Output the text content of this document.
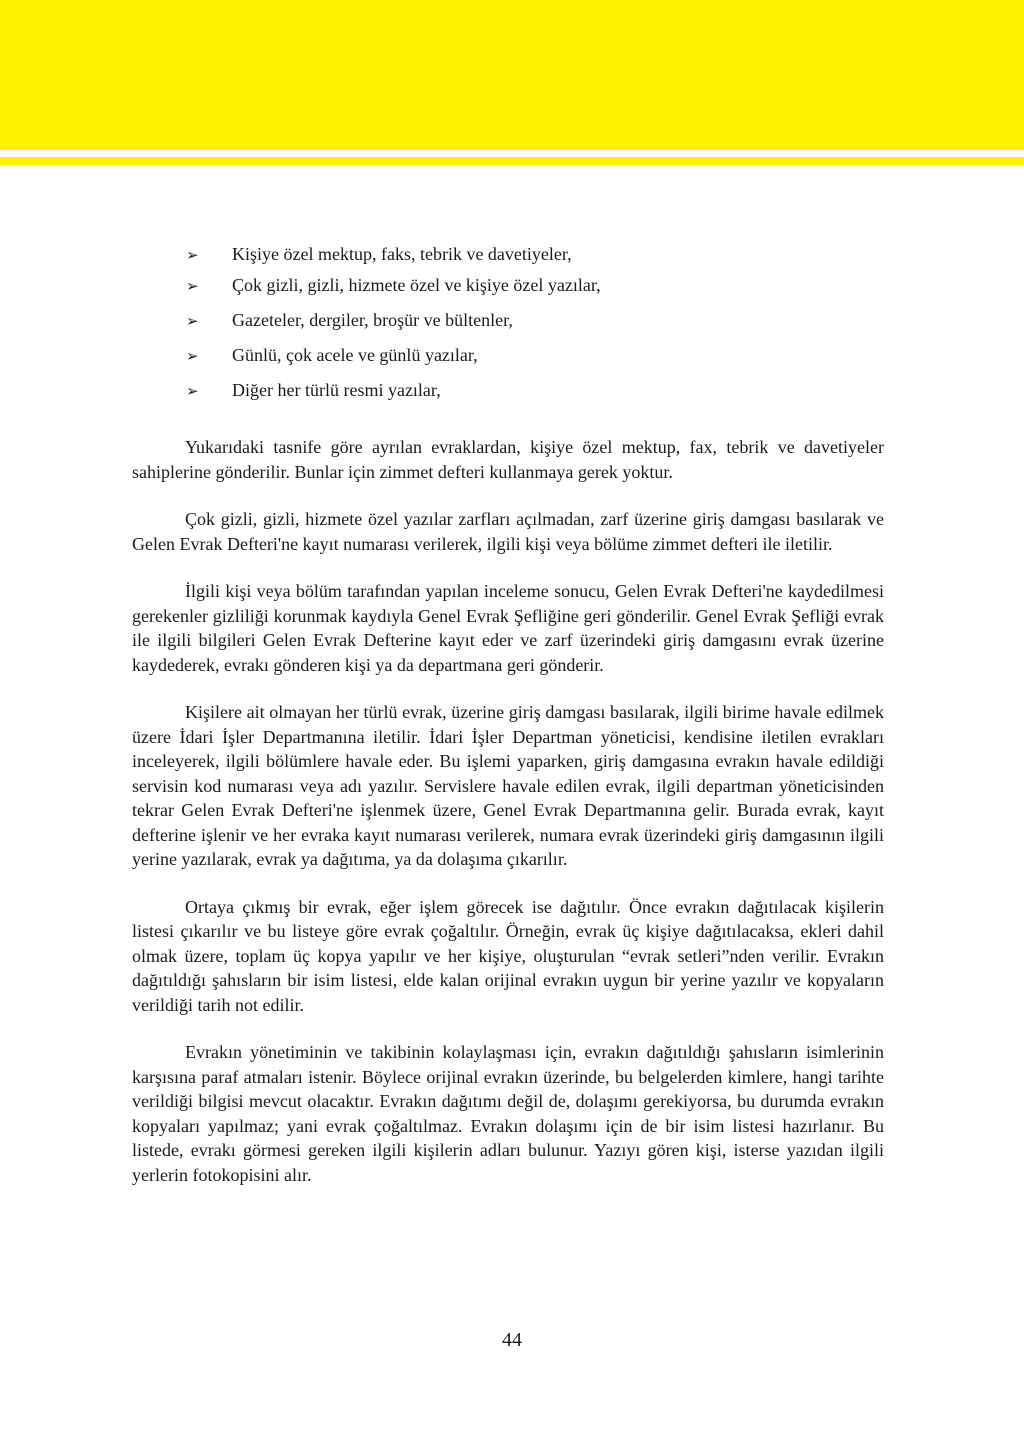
➢ Kişiye özel mektup, faks, tebrik ve davetiyeler,
➢ Çok gizli, gizli, hizmete özel ve kişiye özel yazılar,
➢ Gazeteler, dergiler, broşür ve bültenler,
➢ Günlü, çok acele ve günlü yazılar,
➢ Diğer her türlü resmi yazılar,

Yukarıdaki tasnife göre ayrılan evraklardan, kişiye özel mektup, fax, tebrik ve davetiyeler sahiplerine gönderilir. Bunlar için zimmet defteri kullanmaya gerek yoktur.

Çok gizli, gizli, hizmete özel yazılar zarfları açılmadan, zarf üzerine giriş damgası basılarak ve Gelen Evrak Defteri'ne kayıt numarası verilerek, ilgili kişi veya bölüme zimmet defteri ile iletilir.

İlgili kişi veya bölüm tarafından yapılan inceleme sonucu, Gelen Evrak Defteri'ne kaydedilmesi gerekenler gizliliği korunmak kaydıyla Genel Evrak Şefliğine geri gönderilir. Genel Evrak Şefliği evrak ile ilgili bilgileri Gelen Evrak Defterine kayıt eder ve zarf üzerindeki giriş damgasını evrak üzerine kaydederek, evrakı gönderen kişi ya da departmana geri gönderir.

Kişilere ait olmayan her türlü evrak, üzerine giriş damgası basılarak, ilgili birime havale edilmek üzere İdari İşler Departmanına iletilir. İdari İşler Departman yöneticisi, kendisine iletilen evrakları inceleyerek, ilgili bölümlere havale eder. Bu işlemi yaparken, giriş damgasına evrakın havale edildiği servisin kod numarası veya adı yazılır. Servislere havale edilen evrak, ilgili departman yöneticisinden tekrar Gelen Evrak Defteri'ne işlenmek üzere, Genel Evrak Departmanına gelir. Burada evrak, kayıt defterine işlenir ve her evraka kayıt numarası verilerek, numara evrak üzerindeki giriş damgasının ilgili yerine yazılarak, evrak ya dağıtıma, ya da dolaşıma çıkarılır.

Ortaya çıkmış bir evrak, eğer işlem görecek ise dağıtılır. Önce evrakın dağıtılacak kişilerin listesi çıkarılır ve bu listeye göre evrak çoğaltılır. Örneğin, evrak üç kişiye dağıtılacaksa, ekleri dahil olmak üzere, toplam üç kopya yapılır ve her kişiye, oluşturulan “evrak setleri”nden verilir. Evrakın dağıtıldığı şahısların bir isim listesi, elde kalan orijinal evrakın uygun bir yerine yazılır ve kopyaların verildiği tarih not edilir.

Evrakın yönetiminin ve takibinin kolaylaşması için, evrakın dağıtıldığı şahısların isimlerinin karşısına paraf atmaları istenir. Böylece orijinal evrakın üzerinde, bu belgelerden kimlere, hangi tarihte verildiği bilgisi mevcut olacaktır. Evrakın dağıtımı değil de, dolaşımı gerekiyorsa, bu durumda evrakın kopyaları yapılmaz; yani evrak çoğaltılmaz. Evrakın dolaşımı için de bir isim listesi hazırlanır. Bu listede, evrakı görmesi gereken ilgili kişilerin adları bulunur. Yazıyı gören kişi, isterse yazıdan ilgili yerlerin fotokopisini alır.

44
